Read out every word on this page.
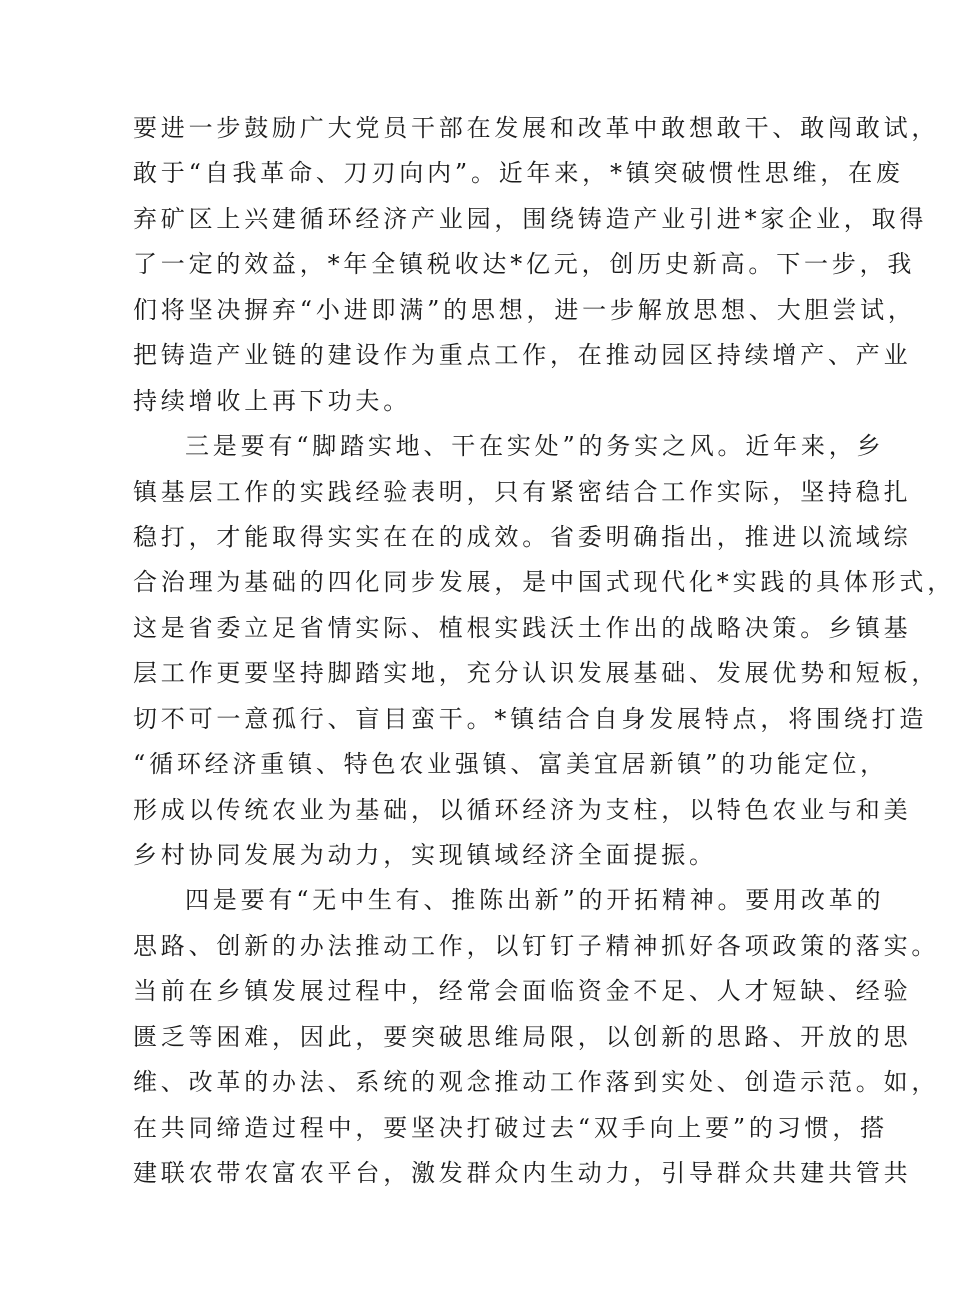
要进一步鼓励广大党员干部在发展和改革中敢想敢干、敢闯敢试，
敢于“自我革命、刀刃向内”。近年来，*镇突破惯性思维，在废
弃矿区上兴建循环经济产业园，围绕铸造产业引进*家企业，取得
了一定的效益，*年全镇税收达*亿元，创历史新高。下一步，我
们将坚决摒弃“小进即满”的思想，进一步解放思想、大胆尝试，
把铸造产业链的建设作为重点工作，在推动园区持续增产、产业
持续增收上再下功夫。
三是要有“脚踏实地、干在实处”的务实之风。近年来，乡
镇基层工作的实践经验表明，只有紧密结合工作实际，坚持稳扎
稳打，才能取得实实在在的成效。省委明确指出，推进以流域综
合治理为基础的四化同步发展，是中国式现代化*实践的具体形式，
这是省委立足省情实际、植根实践沃土作出的战略决策。乡镇基
层工作更要坚持脚踏实地，充分认识发展基础、发展优势和短板，
切不可一意孤行、盲目蛮干。*镇结合自身发展特点，将围绕打造
“循环经济重镇、特色农业强镇、富美宜居新镇”的功能定位，
形成以传统农业为基础，以循环经济为支柱，以特色农业与和美
乡村协同发展为动力，实现镇域经济全面提振。
四是要有“无中生有、推陈出新”的开拓精神。要用改革的
思路、创新的办法推动工作，以钉钉子精神抓好各项政策的落实。
当前在乡镇发展过程中，经常会面临资金不足、人才短缺、经验
匮乏等困难，因此，要突破思维局限，以创新的思路、开放的思
维、改革的办法、系统的观念推动工作落到实处、创造示范。如，
在共同缔造过程中，要坚决打破过去“双手向上要”的习惯，搭
建联农带农富农平台，激发群众内生动力，引导群众共建共管共
